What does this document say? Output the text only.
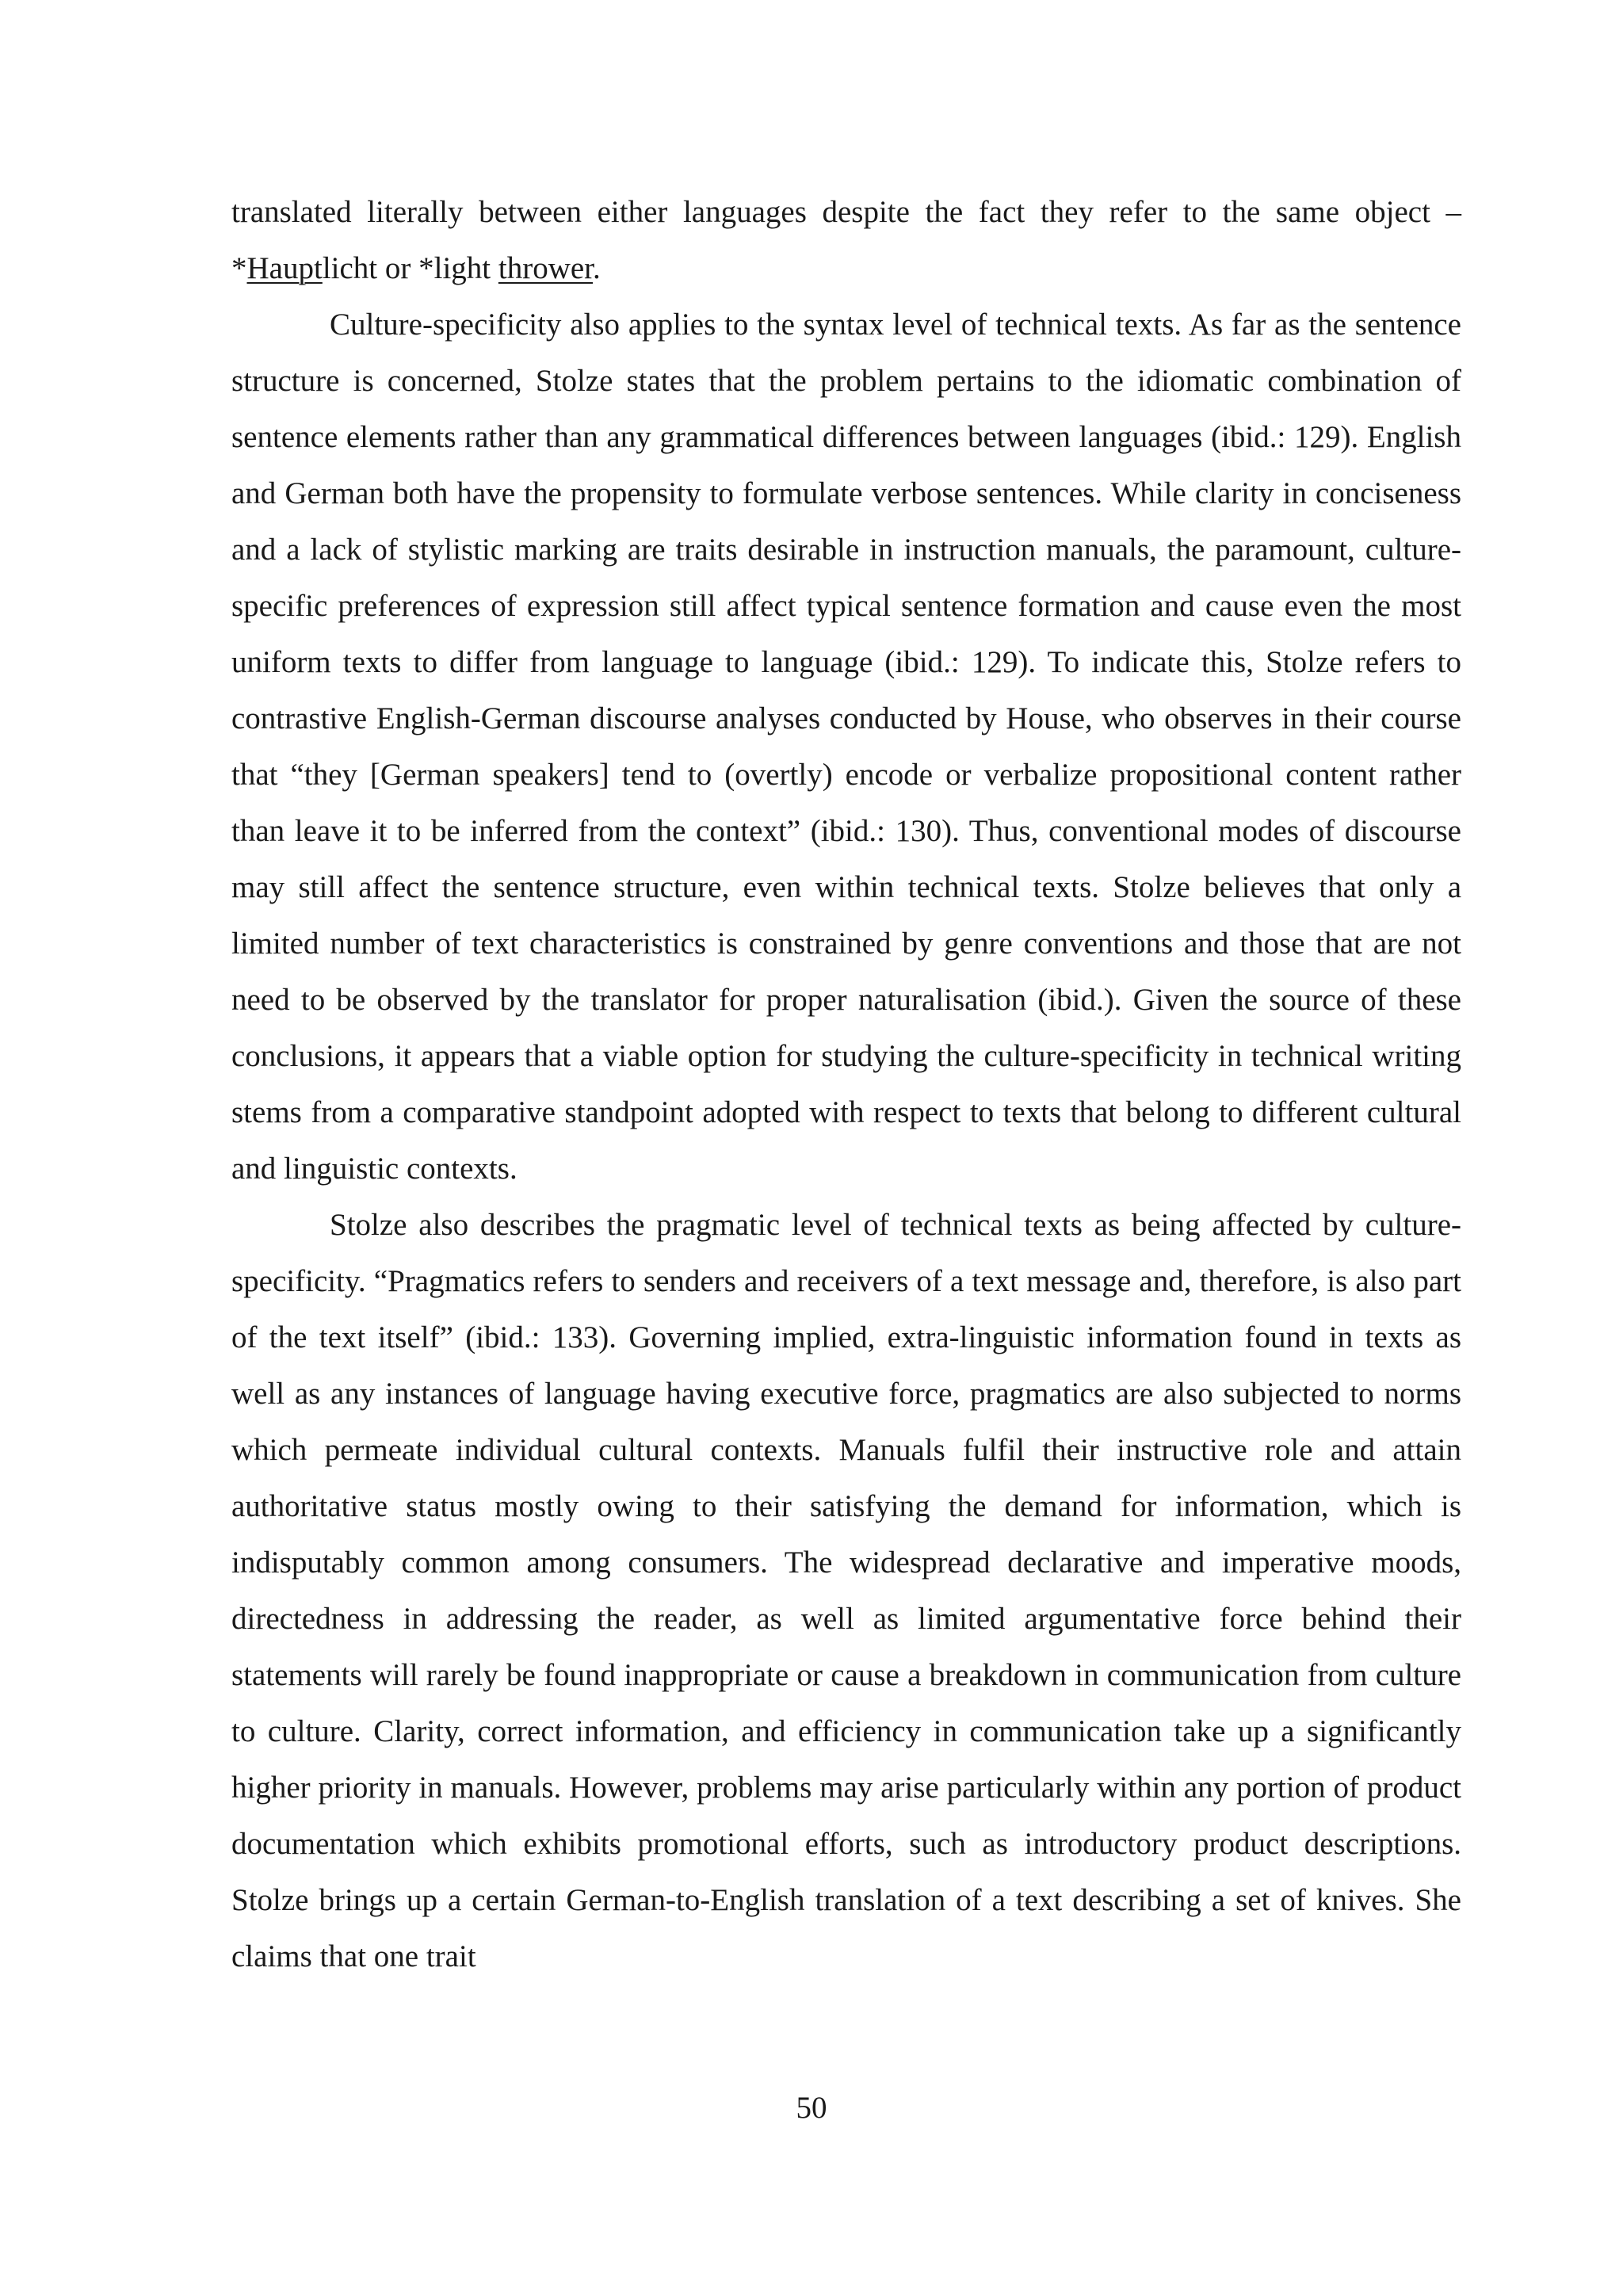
translated literally between either languages despite the fact they refer to the same object – *Hauptlicht or *light thrower.

Culture-specificity also applies to the syntax level of technical texts. As far as the sentence structure is concerned, Stolze states that the problem pertains to the idiomatic combination of sentence elements rather than any grammatical differences between languages (ibid.: 129). English and German both have the propensity to formulate verbose sentences. While clarity in conciseness and a lack of stylistic marking are traits desirable in instruction manuals, the paramount, culture-specific preferences of expression still affect typical sentence formation and cause even the most uniform texts to differ from language to language (ibid.: 129). To indicate this, Stolze refers to contrastive English-German discourse analyses conducted by House, who observes in their course that “they [German speakers] tend to (overtly) encode or verbalize propositional content rather than leave it to be inferred from the context” (ibid.: 130). Thus, conventional modes of discourse may still affect the sentence structure, even within technical texts. Stolze believes that only a limited number of text characteristics is constrained by genre conventions and those that are not need to be observed by the translator for proper naturalisation (ibid.). Given the source of these conclusions, it appears that a viable option for studying the culture-specificity in technical writing stems from a comparative standpoint adopted with respect to texts that belong to different cultural and linguistic contexts.

Stolze also describes the pragmatic level of technical texts as being affected by culture-specificity. “Pragmatics refers to senders and receivers of a text message and, therefore, is also part of the text itself” (ibid.: 133). Governing implied, extra-linguistic information found in texts as well as any instances of language having executive force, pragmatics are also subjected to norms which permeate individual cultural contexts. Manuals fulfil their instructive role and attain authoritative status mostly owing to their satisfying the demand for information, which is indisputably common among consumers. The widespread declarative and imperative moods, directedness in addressing the reader, as well as limited argumentative force behind their statements will rarely be found inappropriate or cause a breakdown in communication from culture to culture. Clarity, correct information, and efficiency in communication take up a significantly higher priority in manuals. However, problems may arise particularly within any portion of product documentation which exhibits promotional efforts, such as introductory product descriptions. Stolze brings up a certain German-to-English translation of a text describing a set of knives. She claims that one trait

50
